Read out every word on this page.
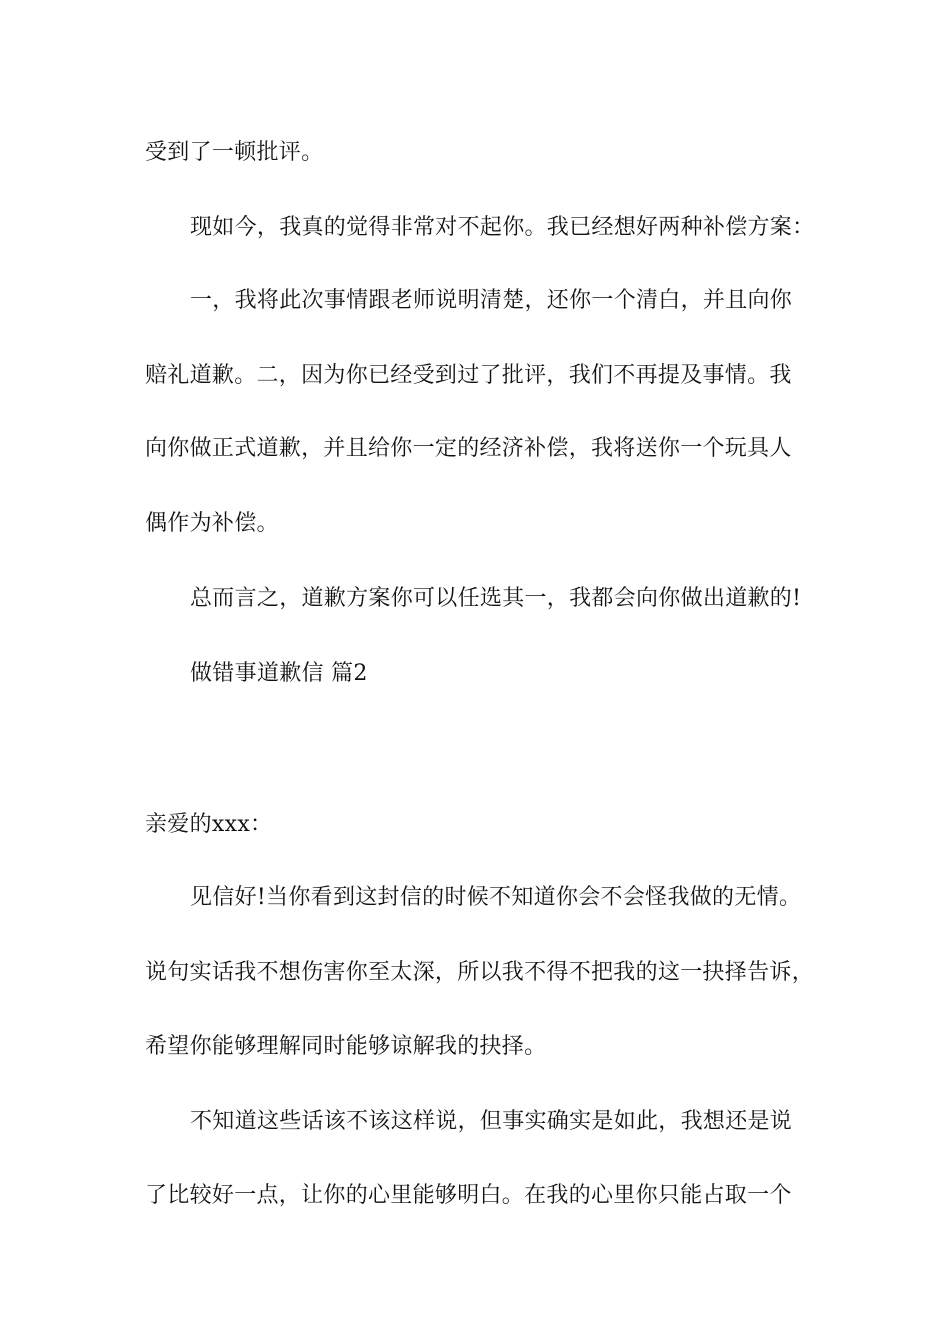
受到了一顿批评。
现如今，我真的觉得非常对不起你。我已经想好两种补偿方案：
一，我将此次事情跟老师说明清楚，还你一个清白，并且向你
赔礼道歉。二，因为你已经受到过了批评，我们不再提及事情。我
向你做正式道歉，并且给你一定的经济补偿，我将送你一个玩具人
偶作为补偿。
总而言之，道歉方案你可以任选其一，我都会向你做出道歉的!
做错事道歉信 篇2
亲爱的xxx：
见信好!当你看到这封信的时候不知道你会不会怪我做的无情。
说句实话我不想伤害你至太深，所以我不得不把我的这一抉择告诉，
希望你能够理解同时能够谅解我的抉择。
不知道这些话该不该这样说，但事实确实是如此，我想还是说
了比较好一点，让你的心里能够明白。在我的心里你只能占取一个
